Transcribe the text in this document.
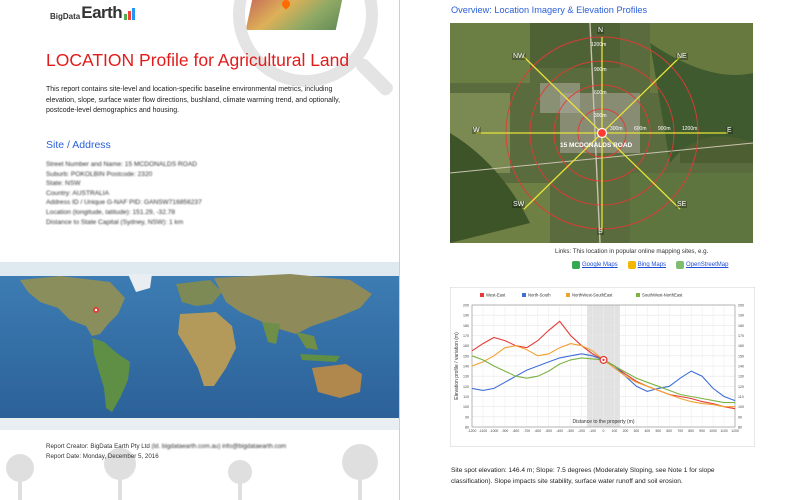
BigData Earth
LOCATION Profile for Agricultural Land
This report contains site-level and location-specific baseline environmental metrics, including elevation, slope, surface water flow directions, bushland, climate warming trend, and optionally, postcode-level demographics and housing.
Site / Address
Street Number and Name: 15 MCDONALDS ROAD
Suburb: POKOLBIN Postcode: 2320
State: NSW
Country: AUSTRALIA
Address ID / Unique G-NAF PID: GANSW716856237
Location (longitude, latitude): 151.29, -32.78
Distance to State Capital (Sydney, NSW): 1 km
Report Creator: BigData Earth Pty Ltd (ld. bigdataearth.com.au) info@bigdataearth.com
Report Date: Monday, December 5, 2016
Overview: Location Imagery & Elevation Profiles
N
S
W	E
NW	NE
SW	SE
1200m
900m
600m
300m
300m 600m 900m 1200m
15 MCDONALDS ROAD
Links: This location in popular online mapping sites, e.g.
Google Maps	Bing Maps	OpenStreetMap
80	80
90	90
100	100
110	110
120	120
130	130
140	140
150	150
160	160
170	170
180	180
190	190
200	200
-1200 -1100 -1000 -900 -800 -700 -600 -500 -400 -300 -200 -100 0 100 200 300 400 500 600 700 800 900 1000 1100 1200
Distance to the property (m)
Elevation profile / variation (m)
West-East	North-South	NorthWest-SouthEast	SouthWest-NorthEast
Site spot elevation: 146.4 m; Slope: 7.5 degrees (Moderately Sloping, see Note 1 for slope classification). Slope impacts site stability, surface water runoff and soil erosion.
